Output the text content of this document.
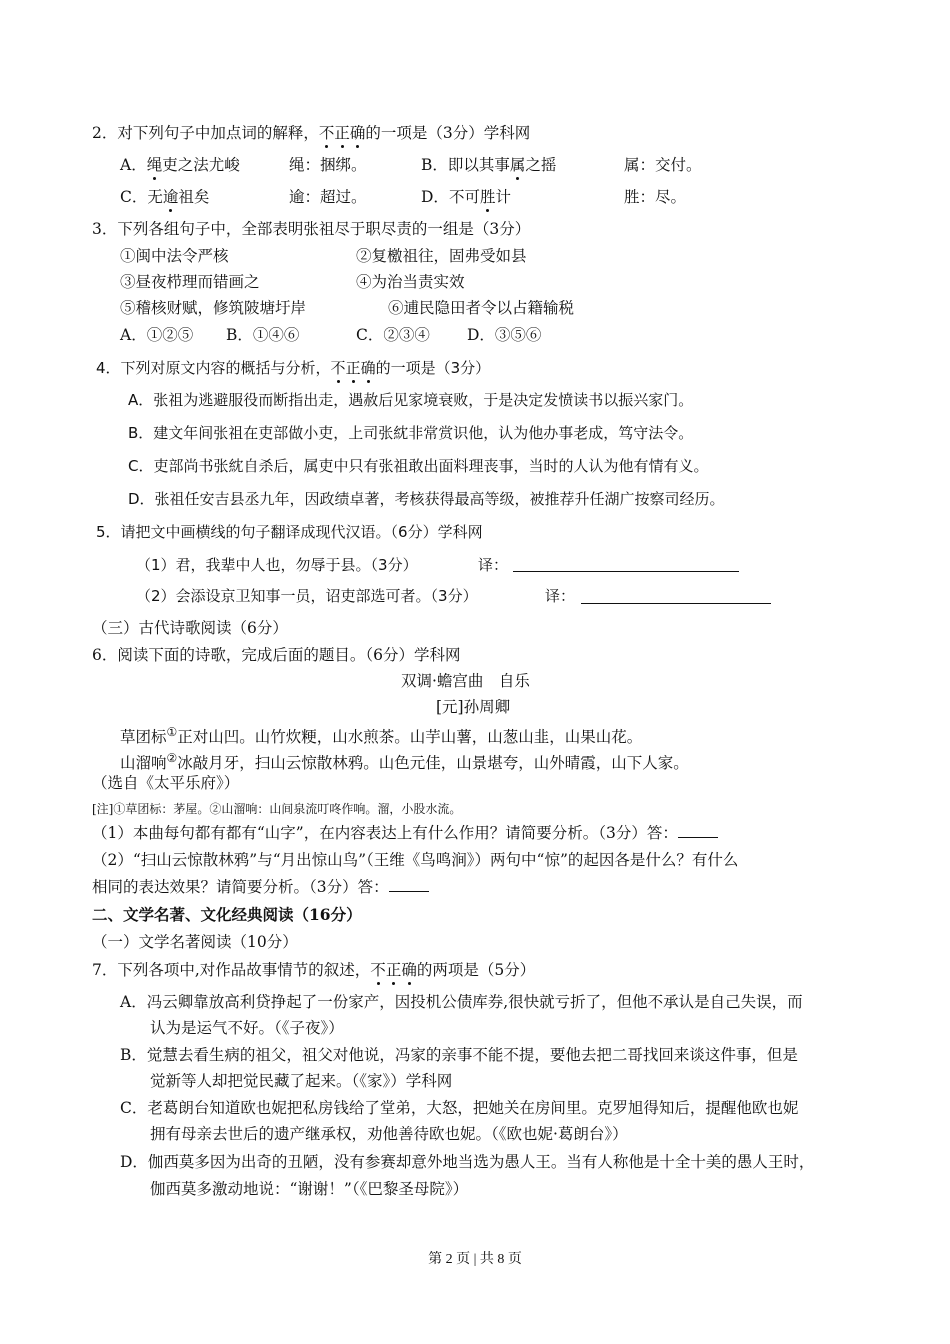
2．对下列句子中加点词的解释，不正确的一项是（3分）学科网
A．绳吏之法尤峻	绳：捆绑。	B．即以其事属之摇	属：交付。
C．无逾祖矣	逾：超过。	D．不可胜计	胜：尽。
3．下列各组句子中，全部表明张祖尽于职尽责的一组是（3分）
①闽中法令严核	②复檄祖往，固弗受如县
③昼夜栉理而错画之	④为治当责实效
⑤稽核财赋，修筑陂塘圩岸	⑥逋民隐田者令以占籍输税
A．①②⑤ B．①④⑥	C．②③④ D．③⑤⑥
4．下列对原文内容的概括与分析，不正确的一项是（3分）
A．张祖为逃避服役而断指出走，遇赦后见家境衰败，于是决定发愤读书以振兴家门。
B．建文年间张祖在吏部做小吏，上司张紞非常赏识他，认为他办事老成，笃守法令。
C．吏部尚书张紞自杀后，属吏中只有张祖敢出面料理丧事，当时的人认为他有情有义。
D．张祖任安吉县丞九年，因政绩卓著，考核获得最高等级，被推荐升任湖广按察司经历。
5．请把文中画横线的句子翻译成现代汉语。（6分）学科网
（1）君，我辈中人也，勿辱于县。（3分）	译：
（2）会添设京卫知事一员，诏吏部选可者。（3分）	译：
（三）古代诗歌阅读（6分）
6．阅读下面的诗歌，完成后面的题目。（6分）学科网
双调·蟾宫曲　自乐
[元]孙周卿
草团标①正对山凹。山竹炊粳，山水煎茶。山芋山薯，山葱山韭，山果山花。
山溜响②冰敲月牙，扫山云惊散林鸦。山色元佳，山景堪夸，山外晴霞，山下人家。
（选自《太平乐府》）
[注]①草团标：茅屋。②山溜响：山间泉流叮咚作响。溜，小股水流。
（1）本曲每句都有都有“山字”，在内容表达上有什么作用？请简要分析。（3分）答：
（2）“扫山云惊散林鸦”与“月出惊山鸟”（王维《鸟鸣涧》）两句中“惊”的起因各是什么？有什么
相同的表达效果？请简要分析。（3分）答：
二、文学名著、文化经典阅读（16分）
（一）文学名著阅读（10分）
7．下列各项中,对作品故事情节的叙述，不正确的两项是（5分）
A．冯云卿靠放高利贷挣起了一份家产，因投机公债库券,很快就亏折了，但他不承认是自己失误，而
认为是运气不好。（《子夜》）
B．觉慧去看生病的祖父，祖父对他说，冯家的亲事不能不提，要他去把二哥找回来谈这件事，但是
觉新等人却把觉民藏了起来。（《家》）学科网
C．老葛朗台知道欧也妮把私房钱给了堂弟，大怒，把她关在房间里。克罗旭得知后，提醒他欧也妮
拥有母亲去世后的遗产继承权，劝他善待欧也妮。（《欧也妮·葛朗台》）
D．伽西莫多因为出奇的丑陋，没有参赛却意外地当选为愚人王。当有人称他是十全十美的愚人王时，
伽西莫多激动地说：“谢谢！”（《巴黎圣母院》）
第 2 页 | 共 8 页
